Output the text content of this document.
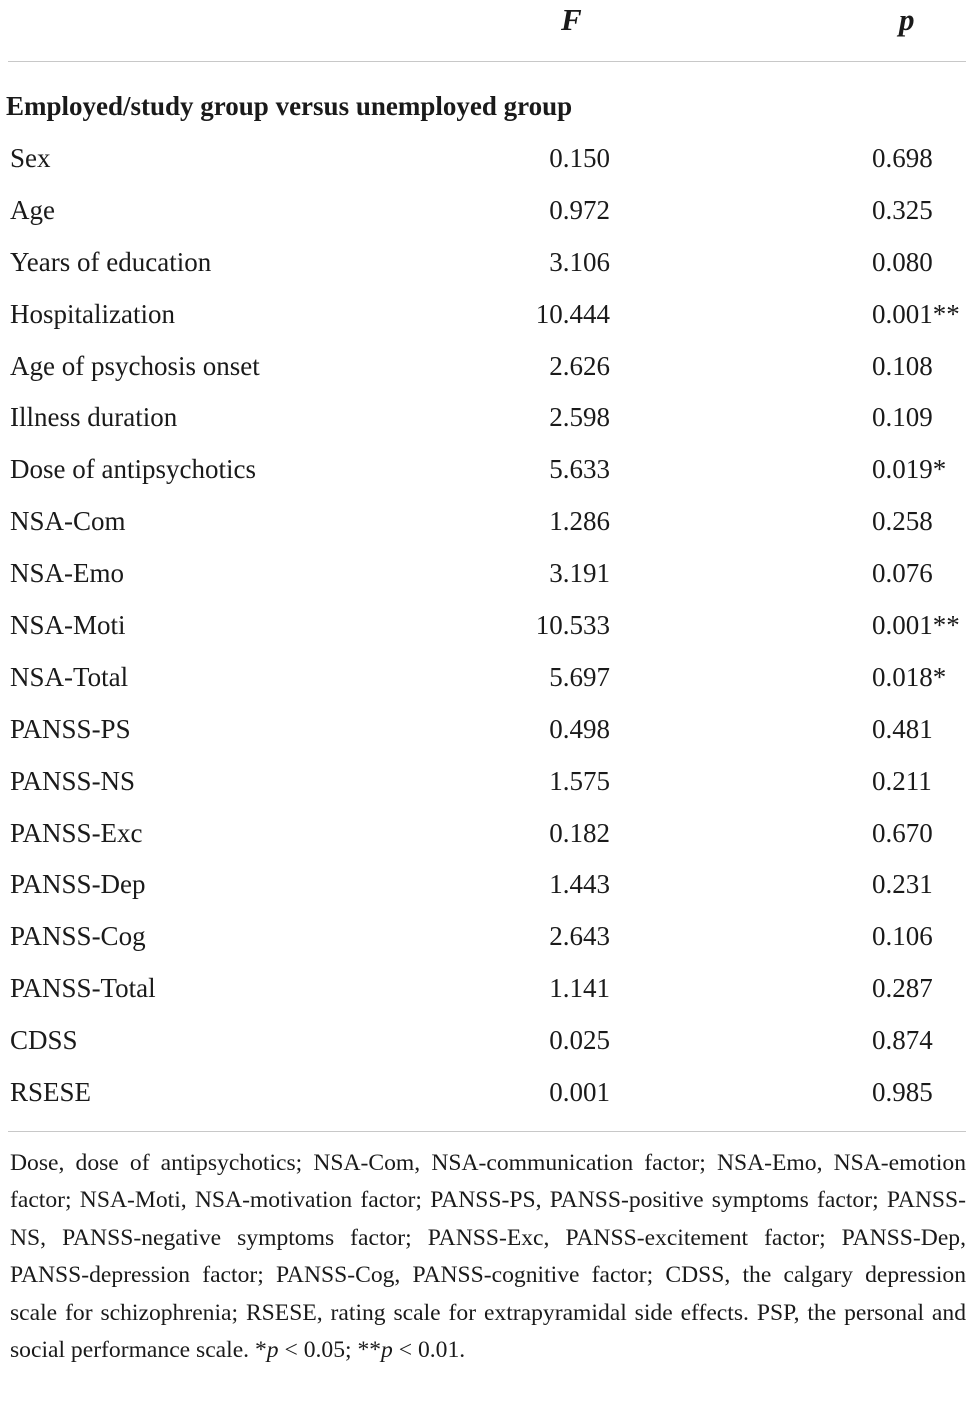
F	p
Employed/study group versus unemployed group
Sex	0.150	0.698
Age	0.972	0.325
Years of education	3.106	0.080
Hospitalization	10.444	0.001**
Age of psychosis onset	2.626	0.108
Illness duration	2.598	0.109
Dose of antipsychotics	5.633	0.019*
NSA-Com	1.286	0.258
NSA-Emo	3.191	0.076
NSA-Moti	10.533	0.001**
NSA-Total	5.697	0.018*
PANSS-PS	0.498	0.481
PANSS-NS	1.575	0.211
PANSS-Exc	0.182	0.670
PANSS-Dep	1.443	0.231
PANSS-Cog	2.643	0.106
PANSS-Total	1.141	0.287
CDSS	0.025	0.874
RSESE	0.001	0.985
Dose, dose of antipsychotics; NSA-Com, NSA-communication factor; NSA-Emo, NSA-emotion factor; NSA-Moti, NSA-motivation factor; PANSS-PS, PANSS-positive symptoms factor; PANSS-NS, PANSS-negative symptoms factor; PANSS-Exc, PANSS-excitement factor; PANSS-Dep, PANSS-depression factor; PANSS-Cog, PANSS-cognitive factor; CDSS, the calgary depression scale for schizophrenia; RSESE, rating scale for extrapyramidal side effects. PSP, the personal and social performance scale. *p < 0.05; **p < 0.01.
